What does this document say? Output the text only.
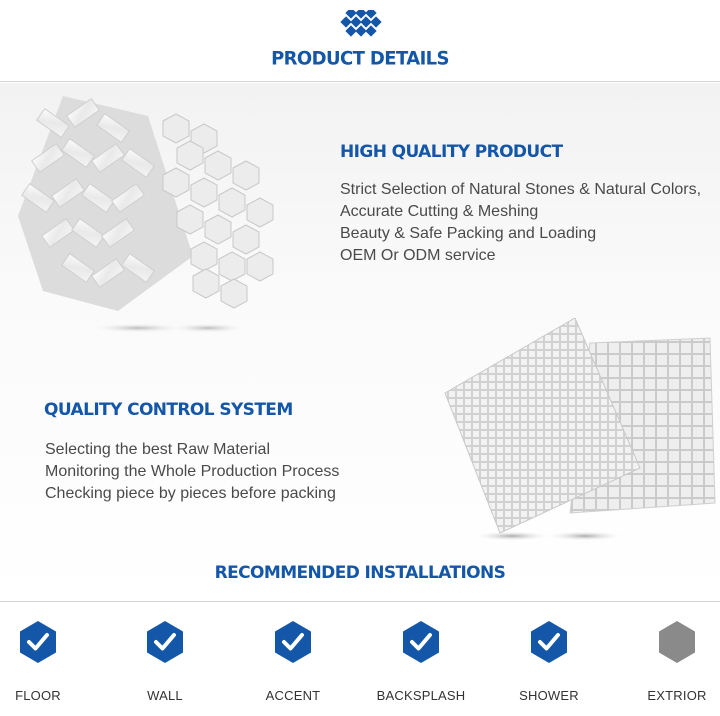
PRODUCT DETAILS
HIGH QUALITY PRODUCT
Strict Selection of Natural Stones & Natural Colors,
Accurate Cutting & Meshing
Beauty & Safe Packing and Loading
OEM Or ODM service
QUALITY CONTROL SYSTEM
Selecting the best Raw Material
Monitoring the Whole Production Process
Checking piece by pieces before packing
RECOMMENDED INSTALLATIONS
FLOOR	WALL	ACCENT	BACKSPLASH	SHOWER	EXTRIOR
